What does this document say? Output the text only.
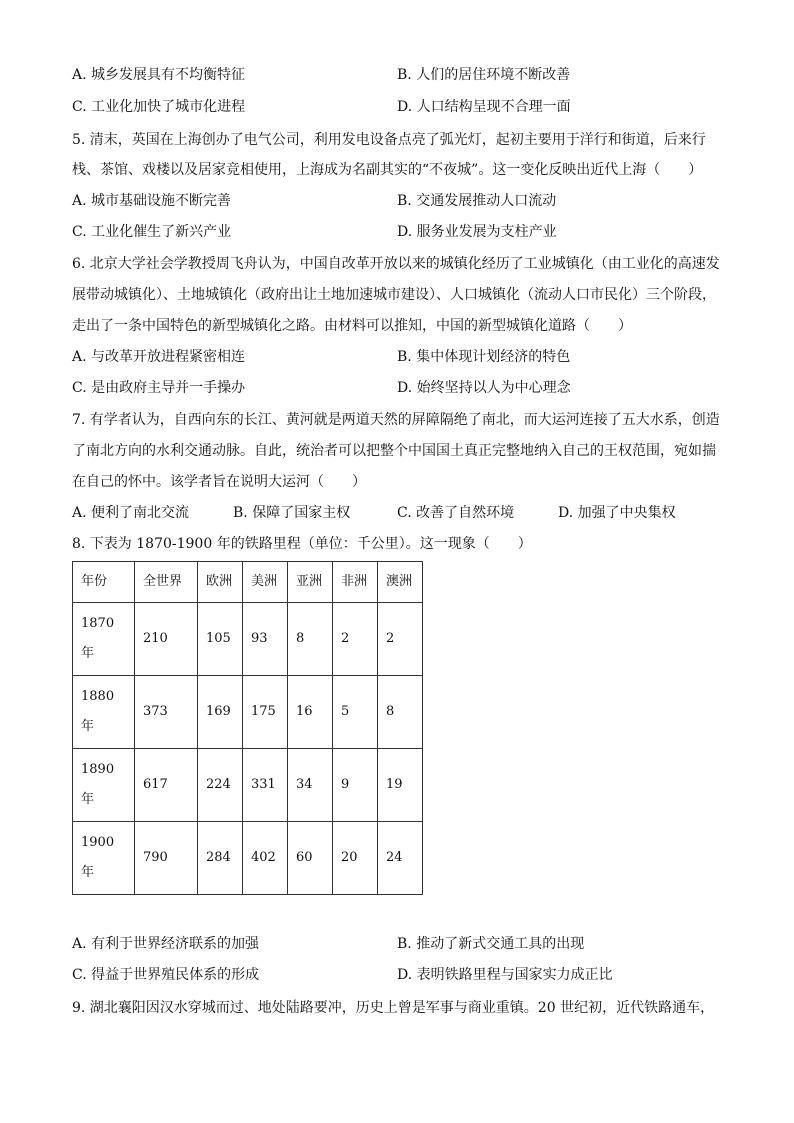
A. 城乡发展具有不均衡特征	B. 人们的居住环境不断改善
C. 工业化加快了城市化进程	D. 人口结构呈现不合理一面
5. 清末，英国在上海创办了电气公司，利用发电设备点亮了弧光灯，起初主要用于洋行和街道，后来行
栈、茶馆、戏楼以及居家竞相使用，上海成为名副其实的“不夜城”。这一变化反映出近代上海（　　）
A. 城市基础设施不断完善	B. 交通发展推动人口流动
C. 工业化催生了新兴产业	D. 服务业发展为支柱产业
6. 北京大学社会学教授周飞舟认为，中国自改革开放以来的城镇化经历了工业城镇化（由工业化的高速发
展带动城镇化）、土地城镇化（政府出让土地加速城市建设）、人口城镇化（流动人口市民化）三个阶段，
走出了一条中国特色的新型城镇化之路。由材料可以推知，中国的新型城镇化道路（　　）
A. 与改革开放进程紧密相连	B. 集中体现计划经济的特色
C. 是由政府主导并一手操办	D. 始终坚持以人为中心理念
7. 有学者认为，自西向东的长江、黄河就是两道天然的屏障隔绝了南北，而大运河连接了五大水系，创造
了南北方向的水利交通动脉。自此，统治者可以把整个中国国土真正完整地纳入自己的王权范围，宛如揣
在自己的怀中。该学者旨在说明大运河（　　）
A. 便利了南北交流	B. 保障了国家主权	C. 改善了自然环境	D. 加强了中央集权
8. 下表为 1870-1900 年的铁路里程（单位：千公里）。这一现象（　　）
年份	全世界	欧洲	美洲	亚洲	非洲	澳洲

1870
年	210	105	93	8	2	2

1880
年	373	169	175	16	5	8

1890
年	617	224	331	34	9	19

1900
年	790	284	402	60	20	24
A. 有利于世界经济联系的加强	B. 推动了新式交通工具的出现
C. 得益于世界殖民体系的形成	D. 表明铁路里程与国家实力成正比
9. 湖北襄阳因汉水穿城而过、地处陆路要冲，历史上曾是军事与商业重镇。20 世纪初，近代铁路通车，
